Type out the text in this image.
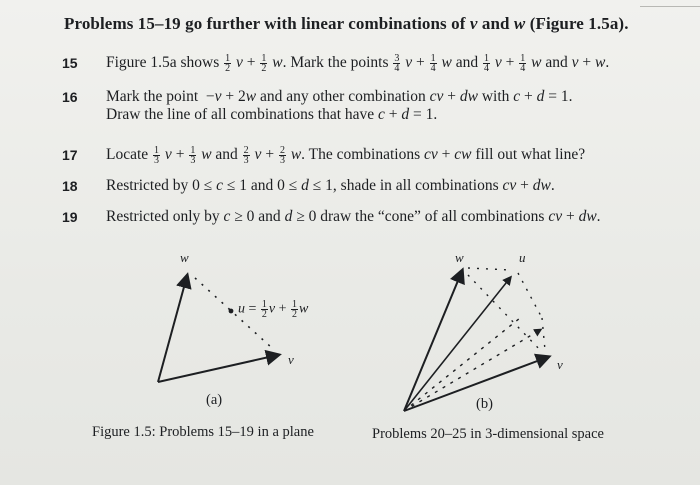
Problems 15–19 go further with linear combinations of v and w (Figure 1.5a).
15	Figure 1.5a shows $\frac{1}{2}$ $v + \frac{1}{2} w$. Mark the points $\frac{3}{4}$ $v + \frac{1}{4}$ w and $\frac{1}{4}$ $v + \frac{1}{4}$ w and v + w.
16	Mark the point  −v + 2w and any other combination cv + dw with c + d = 1.
Draw the line of all combinations that have c + d = 1.
17	Locate $\frac{1}{3}$ $v + \frac{1}{3}$ w and $\frac{2}{3}$ $v + \frac{2}{3} w$. The combinations cv + cw fill out what line?
18	Restricted by 0 ≤ c ≤ 1 and 0 ≤ d ≤ 1, shade in all combinations cv + dw.
19	Restricted only by c ≥ 0 and d ≥ 0 draw the “cone” of all combinations cv + dw.
w
v
$u = \frac{1}{2}$ $v + \frac{1}{2}$ w
(a)
Figure 1.5: Problems 15–19 in a plane
w	u
v
(b)
Problems 20–25 in 3-dimensional space
